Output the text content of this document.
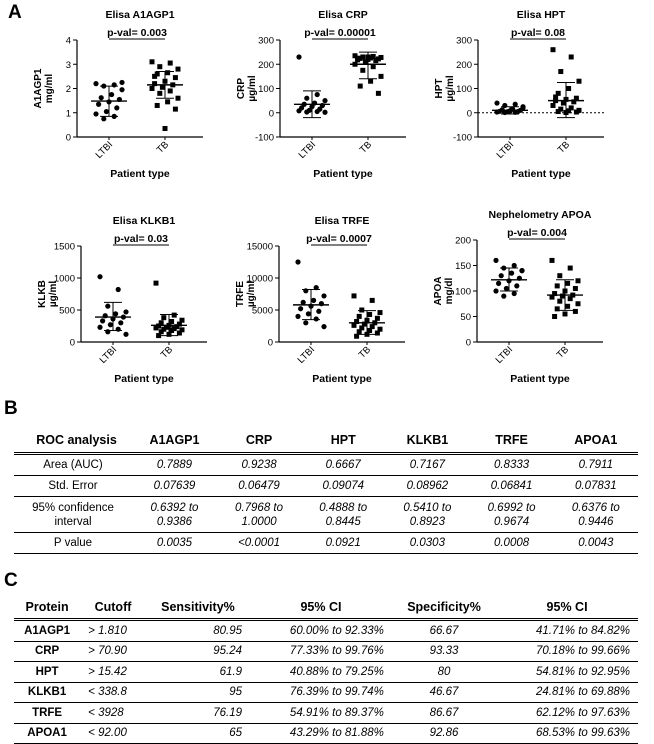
A
B
C
Elisa A1AGP1
p-val= 0.003
0
1
2
3
4
A1AGP1 mg/ml
LTBI	TB
Patient type
Elisa CRP
p-val= 0.00001
-100
0
100
200
300
CRP µg/ml
LTBI	TB
Patient type
Elisa HPT
p-val= 0.08
-100
0
100
200
300
HPT µg/ml
LTBI	TB
Patient type
Elisa KLKB1
p-val= 0.03
0
500
1000
1500
KLKB µg/ml
LTBI	TB
Patient type
Elisa TRFE
p-val= 0.0007
0
5000
10000
15000
TRFE µg/ml
LTBI	TB
Patient type
Nephelometry APOA
p-val= 0.004
0
50
100
150
200
APOA mg/dl
LTBI	TB
Patient type
ROC analysis	A1AGP1	CRP	HPT	KLKB1	TRFE	APOA1
Area (AUC)	0.7889	0.9238	0.6667	0.7167	0.8333	0.7911
Std. Error	0.07639	0.06479	0.09074	0.08962	0.06841	0.07831
95% confidence interval	0.6392 to 0.9386	0.7968 to 1.0000	0.4888 to 0.8445	0.5410 to 0.8923	0.6992 to 0.9674	0.6376 to 0.9446
P value	0.0035	<0.0001	0.0921	0.0303	0.0008	0.0043
Protein	Cutoff	Sensitivity%	95% CI	Specificity%	95% CI
A1AGP1	> 1.810	80.95	60.00% to 92.33%	66.67	41.71% to 84.82%
CRP	> 70.90	95.24	77.33% to 99.76%	93.33	70.18% to 99.66%
HPT	> 15.42	61.9	40.88% to 79.25%	80	54.81% to 92.95%
KLKB1	< 338.8	95	76.39% to 99.74%	46.67	24.81% to 69.88%
TRFE	< 3928	76.19	54.91% to 89.37%	86.67	62.12% to 97.63%
APOA1	< 92.00	65	43.29% to 81.88%	92.86	68.53% to 99.63%
